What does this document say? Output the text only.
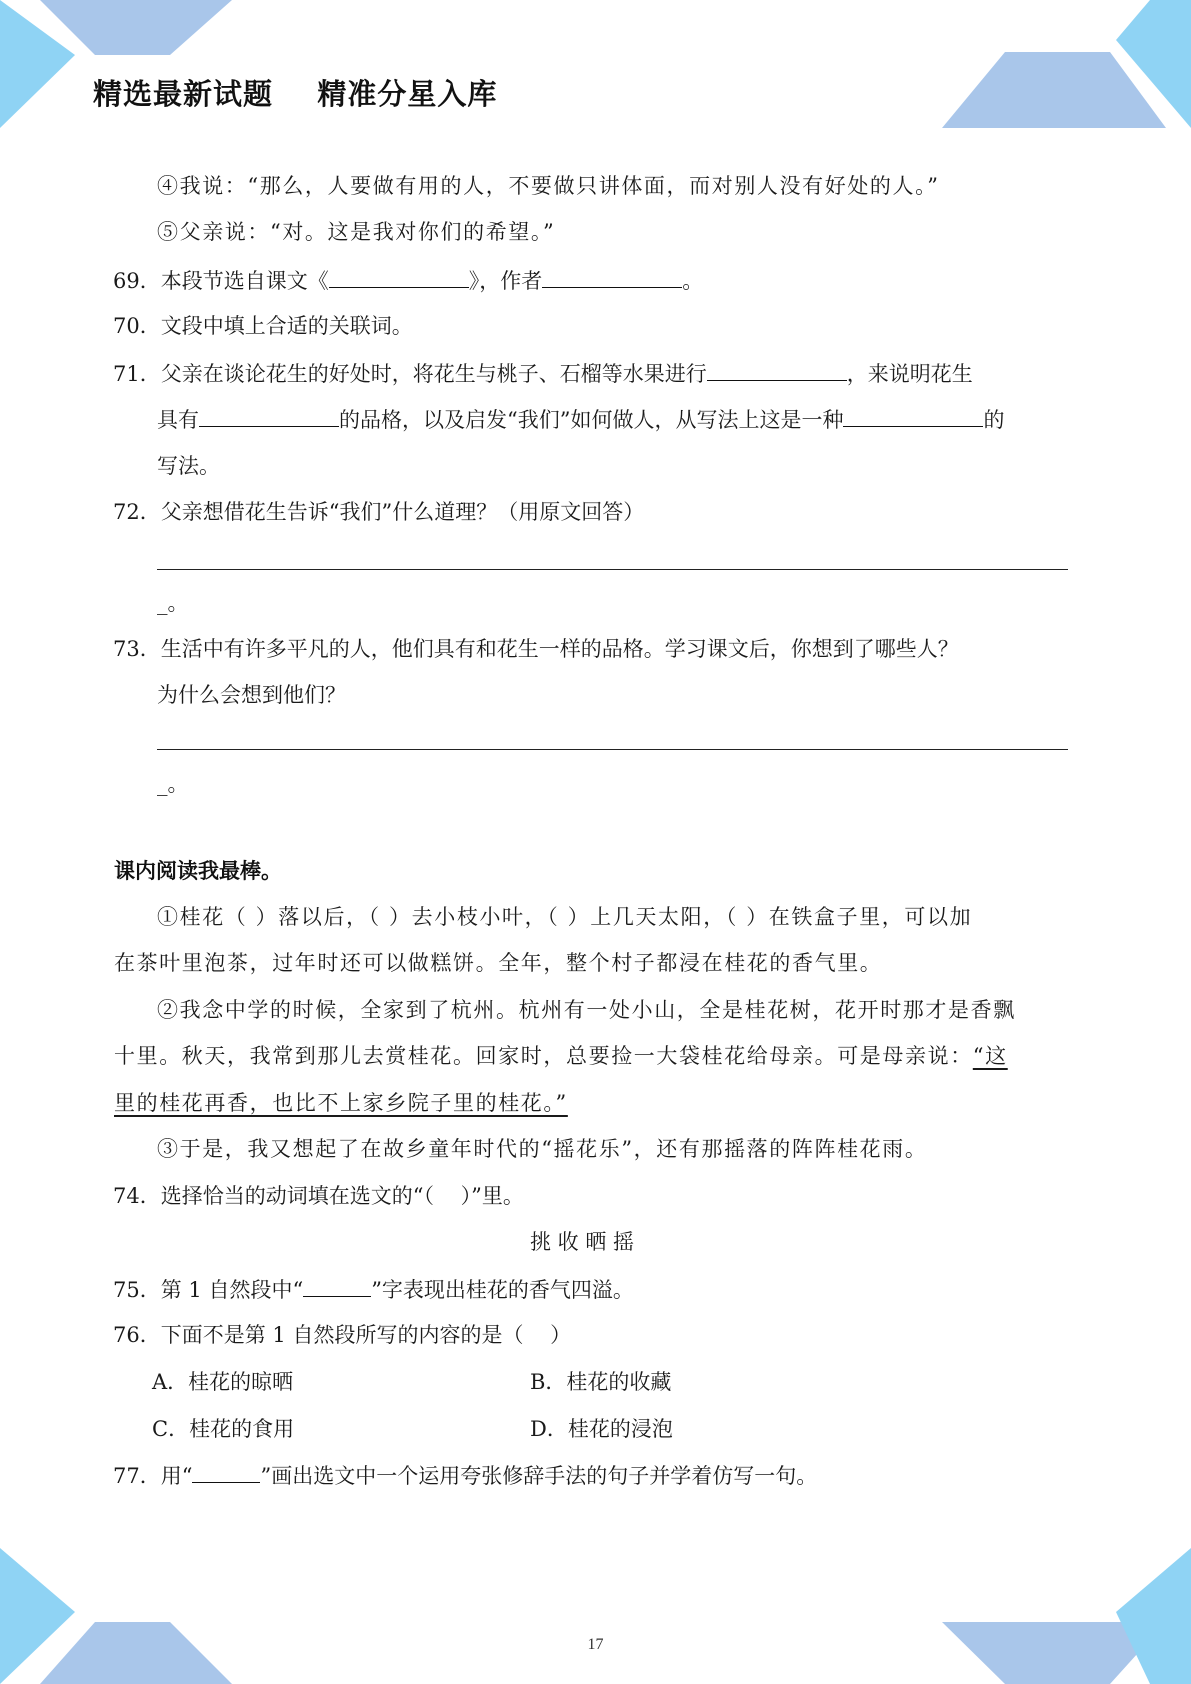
精选最新试题    精准分星入库
④我说：“那么，人要做有用的人，不要做只讲体面，而对别人没有好处的人。”
⑤父亲说：“对。这是我对你们的希望。”
69．本段节选自课文《	》，作者	。
70．文段中填上合适的关联词。
71．父亲在谈论花生的好处时，将花生与桃子、石榴等水果进行	，来说明花生
具有	的品格，以及启发“我们”如何做人，从写法上这是一种	的
写法。
72．父亲想借花生告诉“我们”什么道理？（用原文回答）
_。
73．生活中有许多平凡的人，他们具有和花生一样的品格。学习课文后，你想到了哪些人？
为什么会想到他们？
_。
课内阅读我最棒。
①桂花（ ）落以后，（ ）去小枝小叶，（ ）上几天太阳，（ ）在铁盒子里，可以加
在茶叶里泡茶，过年时还可以做糕饼。全年，整个村子都浸在桂花的香气里。
②我念中学的时候，全家到了杭州。杭州有一处小山，全是桂花树，花开时那才是香飘
十里。秋天，我常到那儿去赏桂花。回家时，总要捡一大袋桂花给母亲。可是母亲说：“这
里的桂花再香，也比不上家乡院子里的桂花。”
③于是，我又想起了在故乡童年时代的“摇花乐”，还有那摇落的阵阵桂花雨。
74．选择恰当的动词填在选文的“（    ）”里。
挑 收 晒 摇
75．第 1 自然段中“	”字表现出桂花的香气四溢。
76．下面不是第 1 自然段所写的内容的是（    ）
A．桂花的晾晒	B．桂花的收藏
C．桂花的食用	D．桂花的浸泡
77．用“	”画出选文中一个运用夸张修辞手法的句子并学着仿写一句。
17
